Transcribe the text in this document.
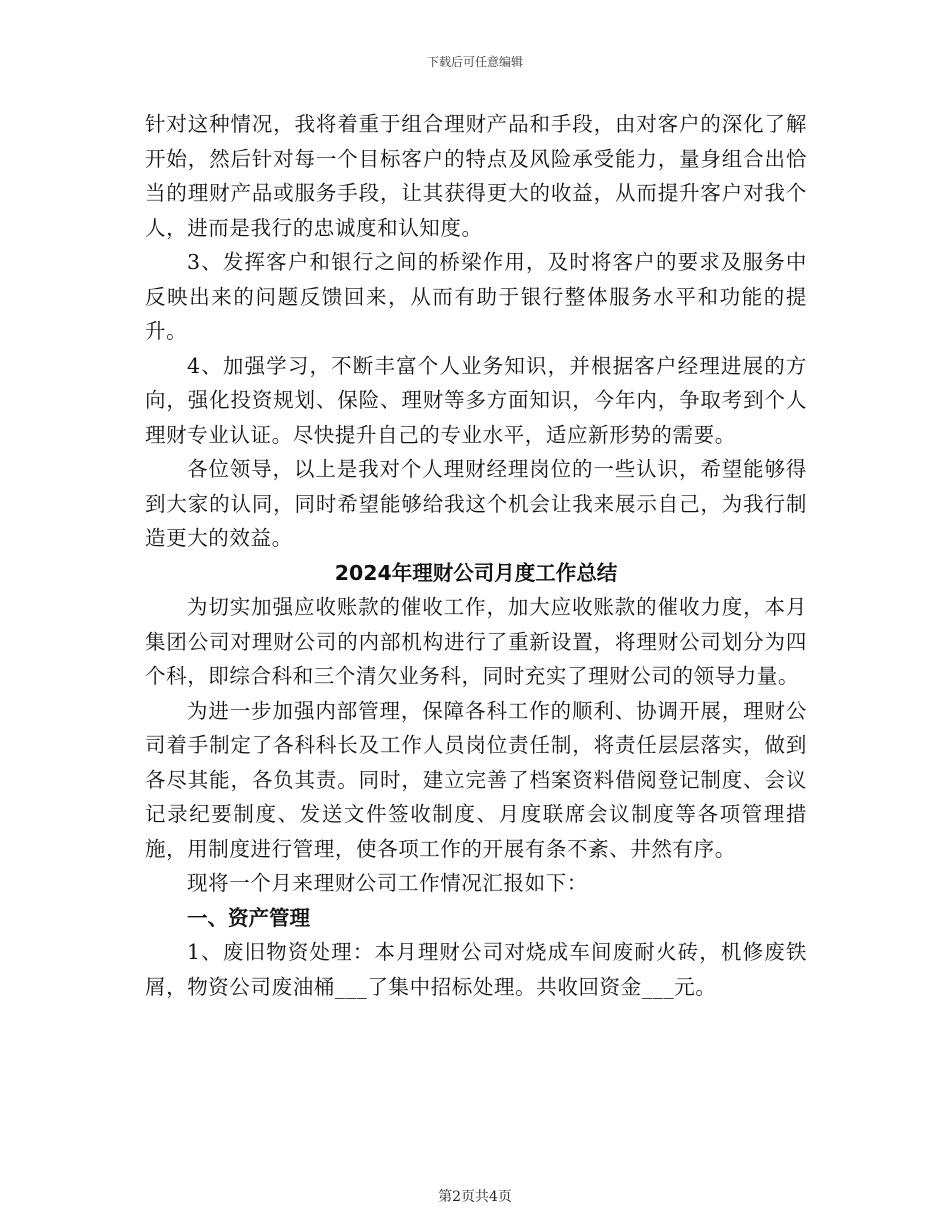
下载后可任意编辑

针对这种情况，我将着重于组合理财产品和手段，由对客户的深化了解开始，然后针对每一个目标客户的特点及风险承受能力，量身组合出恰当的理财产品或服务手段，让其获得更大的收益，从而提升客户对我个人，进而是我行的忠诚度和认知度。

3、发挥客户和银行之间的桥梁作用，及时将客户的要求及服务中反映出来的问题反馈回来，从而有助于银行整体服务水平和功能的提升。

4、加强学习，不断丰富个人业务知识，并根据客户经理进展的方向，强化投资规划、保险、理财等多方面知识，今年内，争取考到个人理财专业认证。尽快提升自己的专业水平，适应新形势的需要。

各位领导，以上是我对个人理财经理岗位的一些认识，希望能够得到大家的认同，同时希望能够给我这个机会让我来展示自己，为我行制造更大的效益。

2024年理财公司月度工作总结

为切实加强应收账款的催收工作，加大应收账款的催收力度，本月集团公司对理财公司的内部机构进行了重新设置，将理财公司划分为四个科，即综合科和三个清欠业务科，同时充实了理财公司的领导力量。

为进一步加强内部管理，保障各科工作的顺利、协调开展，理财公司着手制定了各科科长及工作人员岗位责任制，将责任层层落实，做到各尽其能，各负其责。同时，建立完善了档案资料借阅登记制度、会议记录纪要制度、发送文件签收制度、月度联席会议制度等各项管理措施，用制度进行管理，使各项工作的开展有条不紊、井然有序。

现将一个月来理财公司工作情况汇报如下：

一、资产管理

1、废旧物资处理：本月理财公司对烧成车间废耐火砖，机修废铁屑，物资公司废油桶___了集中招标处理。共收回资金___元。

第2页共4页
